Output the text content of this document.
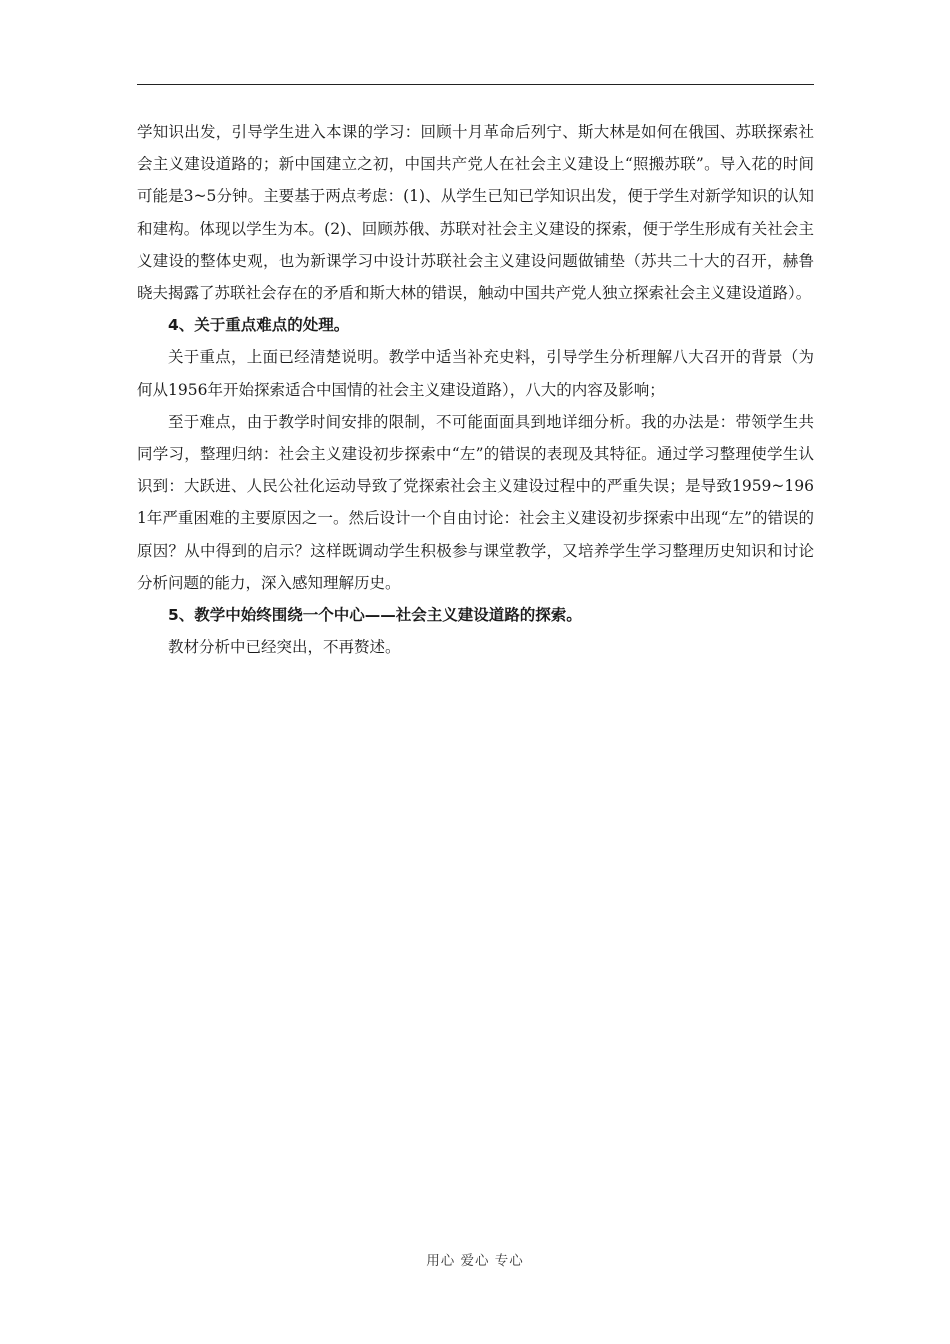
学知识出发，引导学生进入本课的学习：回顾十月革命后列宁、斯大林是如何在俄国、苏联探索社会主义建设道路的；新中国建立之初，中国共产党人在社会主义建设上“照搬苏联”。导入花的时间可能是3~5分钟。主要基于两点考虑：(1)、从学生已知已学知识出发，便于学生对新学知识的认知和建构。体现以学生为本。(2)、回顾苏俄、苏联对社会主义建设的探索，便于学生形成有关社会主义建设的整体史观，也为新课学习中设计苏联社会主义建设问题做铺垫（苏共二十大的召开，赫鲁晓夫揭露了苏联社会存在的矛盾和斯大林的错误，触动中国共产党人独立探索社会主义建设道路）。

4、关于重点难点的处理。

关于重点，上面已经清楚说明。教学中适当补充史料，引导学生分析理解八大召开的背景（为何从1956年开始探索适合中国情的社会主义建设道路），八大的内容及影响；

至于难点，由于教学时间安排的限制，不可能面面具到地详细分析。我的办法是：带领学生共同学习，整理归纳：社会主义建设初步探索中“左”的错误的表现及其特征。通过学习整理使学生认识到：大跃进、人民公社化运动导致了党探索社会主义建设过程中的严重失误；是导致1959~1961年严重困难的主要原因之一。然后设计一个自由讨论：社会主义建设初步探索中出现“左”的错误的原因？从中得到的启示？这样既调动学生积极参与课堂教学，又培养学生学习整理历史知识和讨论分析问题的能力，深入感知理解历史。

5、教学中始终围绕一个中心——社会主义建设道路的探索。

教材分析中已经突出，不再赘述。

用心 爱心 专心
